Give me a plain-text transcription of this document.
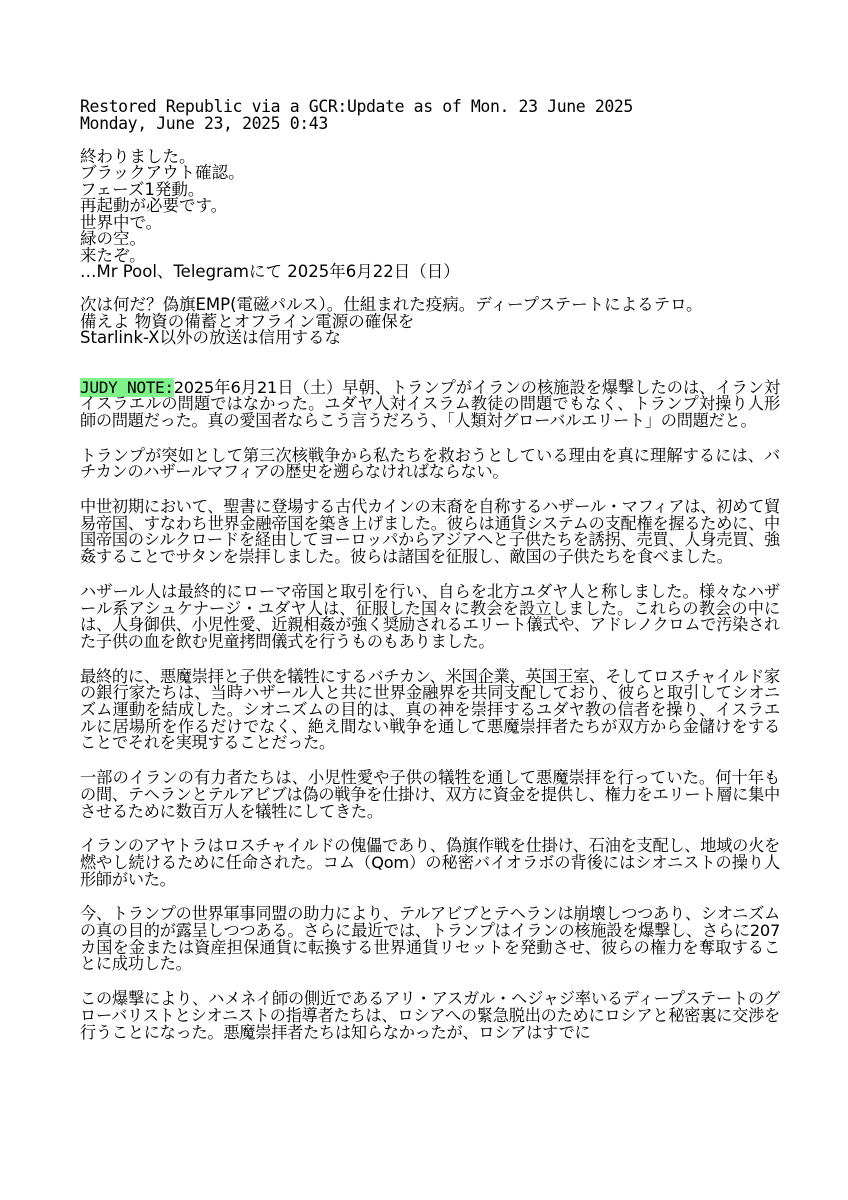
Restored Republic via a GCR:Update as of Mon. 23 June 2025
Monday, June 23, 2025 0:43
終わりました。
ブラックアウト確認。
フェーズ1発動。
再起動が必要です。
世界中で。
緑の空。
来たぞ。
…Mr Pool、Telegramにて 2025年6月22日（日）
次は何だ？偽旗EMP(電磁パルス）。仕組まれた疫病。ディープステートによるテロ。
備えよ 物資の備蓄とオフライン電源の確保を
Starlink-X以外の放送は信用するな

JUDY NOTE:2025年6月21日（土）早朝、トランプがイランの核施設を爆撃したのは、イラン対イスラエルの問題ではなかった。ユダヤ人対イスラム教徒の問題でもなく、トランプ対操り人形師の問題だった。真の愛国者ならこう言うだろう、「人類対グローバルエリート」の問題だと。

トランプが突如として第三次核戦争から私たちを救おうとしている理由を真に理解するには、バチカンのハザールマフィアの歴史を遡らなければならない。

中世初期において、聖書に登場する古代カインの末裔を自称するハザール・マフィアは、初めて貿易帝国、すなわち世界金融帝国を築き上げました。彼らは通貨システムの支配権を握るために、中国帝国のシルクロードを経由してヨーロッパからアジアへと子供たちを誘拐、売買、人身売買、強姦することでサタンを崇拝しました。彼らは諸国を征服し、敵国の子供たちを食べました。

ハザール人は最終的にローマ帝国と取引を行い、自らを北方ユダヤ人と称しました。様々なハザール系アシュケナージ・ユダヤ人は、征服した国々に教会を設立しました。これらの教会の中には、人身御供、小児性愛、近親相姦が強く奨励されるエリート儀式や、アドレノクロムで汚染された子供の血を飲む児童拷問儀式を行うものもありました。

最終的に、悪魔崇拝と子供を犠牲にするバチカン、米国企業、英国王室、そしてロスチャイルド家の銀行家たちは、当時ハザール人と共に世界金融界を共同支配しており、彼らと取引してシオニズム運動を結成した。シオニズムの目的は、真の神を崇拝するユダヤ教の信者を操り、イスラエルに居場所を作るだけでなく、絶え間ない戦争を通して悪魔崇拝者たちが双方から金儲けをすることでそれを実現することだった。

一部のイランの有力者たちは、小児性愛や子供の犠牲を通して悪魔崇拝を行っていた。何十年もの間、テヘランとテルアビブは偽の戦争を仕掛け、双方に資金を提供し、権力をエリート層に集中させるために数百万人を犠牲にしてきた。

イランのアヤトラはロスチャイルドの傀儡であり、偽旗作戦を仕掛け、石油を支配し、地域の火を燃やし続けるために任命された。コム（Qom）の秘密バイオラボの背後にはシオニストの操り人形師がいた。

今、トランプの世界軍事同盟の助力により、テルアビブとテヘランは崩壊しつつあり、シオニズムの真の目的が露呈しつつある。さらに最近では、トランプはイランの核施設を爆撃し、さらに207カ国を金または資産担保通貨に転換する世界通貨リセットを発動させ、彼らの権力を奪取することに成功した。

この爆撃により、ハメネイ師の側近であるアリ・アスガル・ヘジャジ率いるディープステートのグローバリストとシオニストの指導者たちは、ロシアへの緊急脱出のためにロシアと秘密裏に交渉を行うことになった。悪魔崇拝者たちは知らなかったが、ロシアはすでに
